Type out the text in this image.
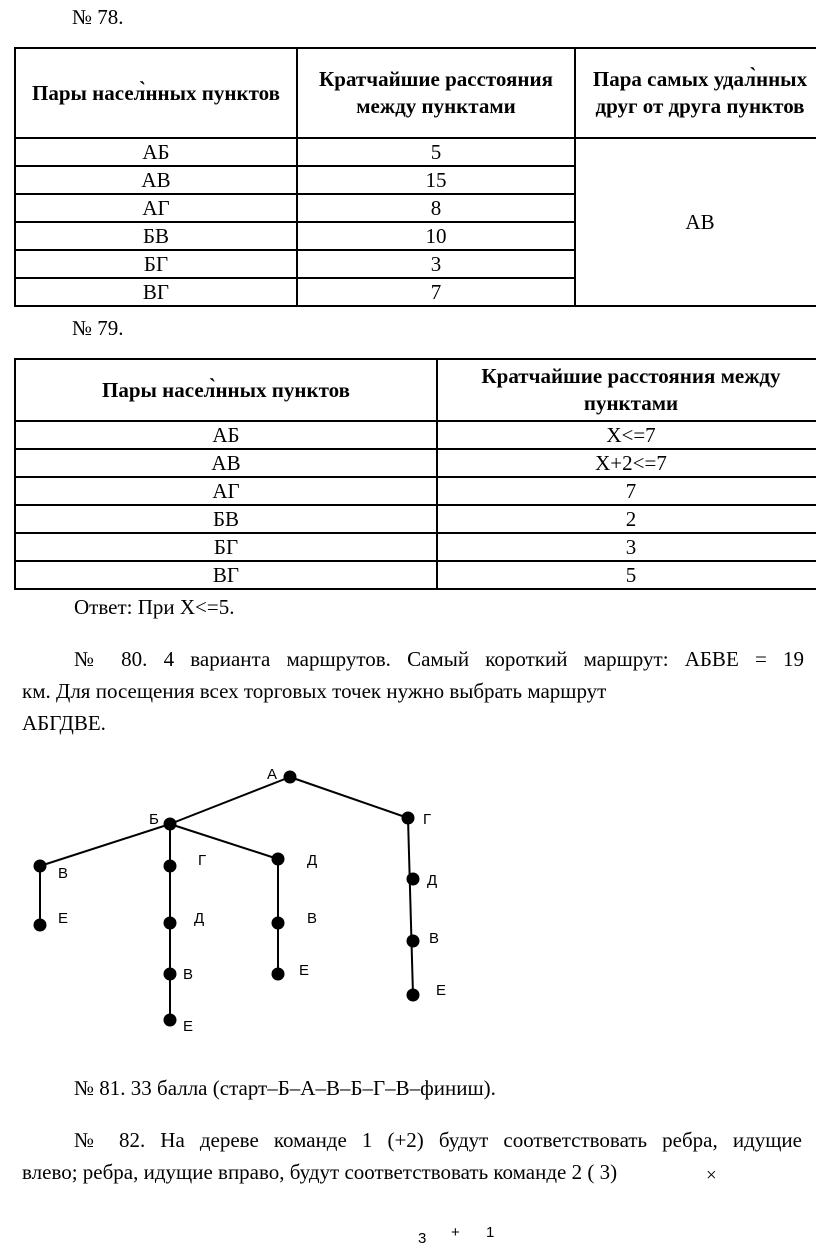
№ 78.
Пары насел̀нных пунктов	Кратчайшие расстояния между пунктами	Пара самых удал̀нных друг от друга пунктов
АБ	5	АВ
АВ	15	
АГ	8	
БВ	10	
БГ	3	
ВГ	7	
№ 79.
Пары насел̀нных пунктов	Кратчайшие расстояния между пунктами
АБ	X<=7
АВ	X+2<=7
АГ	7
БВ	2
БГ	3
ВГ	5
Ответ: При X<=5.
№ 80. 4 варианта маршрутов. Самый короткий маршрут: АБВЕ = 19
км. Для посещения всех торговых точек нужно выбрать маршрут
АБГДВЕ.
А
Б	Г
В
Е
Г
Д
В
Е
Д
В
Е
Д
В
Е
№ 81. 33 балла (старт–Б–А–В–Б–Г–В–финиш).
№ 82. На дереве команде 1 (+2) будут соответствовать ребра, идущие
влево; ребра, идущие вправо, будут соответствовать команде 2 ( 3)	×
3 + 1
